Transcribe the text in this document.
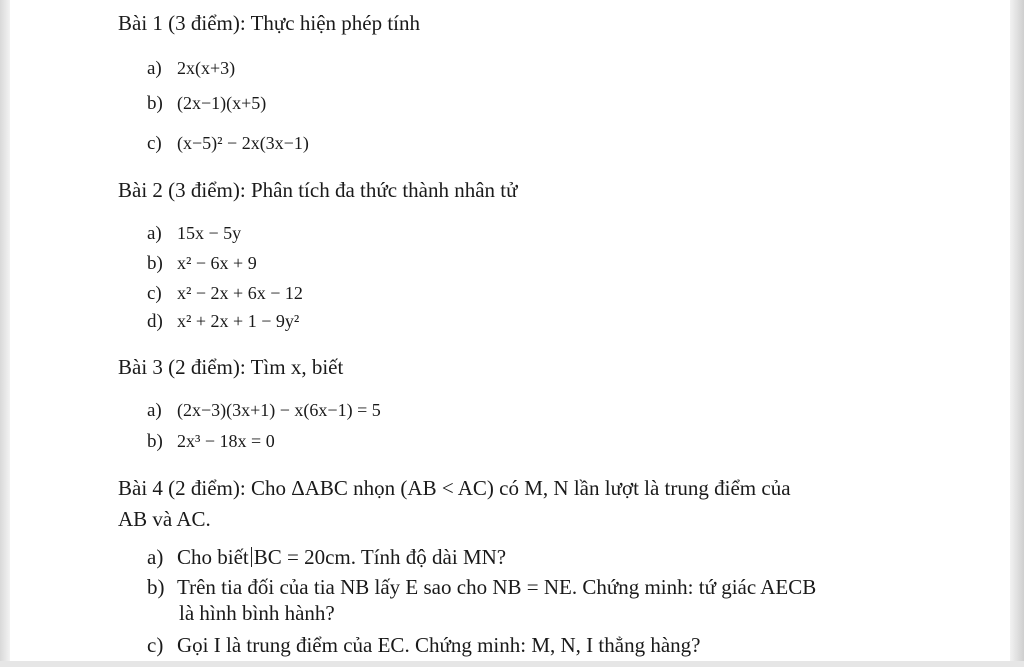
Bài 1 (3 điểm): Thực hiện phép tính

a) 2x(x+3)

b) (2x−1)(x+5)

c) (x−5)² − 2x(3x−1)

Bài 2 (3 điểm): Phân tích đa thức thành nhân tử

a) 15x − 5y

b) x² − 6x + 9

c) x² − 2x + 6x − 12

d) x² + 2x + 1 − 9y²

Bài 3 (2 điểm): Tìm x, biết

a) (2x−3)(3x+1) − x(6x−1) = 5

b) 2x³ − 18x = 0

Bài 4 (2 điểm): Cho ΔABC nhọn (AB < AC) có M, N lần lượt là trung điểm của

AB và AC.

a) Cho biết BC = 20cm. Tính độ dài MN?

b) Trên tia đối của tia NB lấy E sao cho NB = NE. Chứng minh: tứ giác AECB

là hình bình hành?

c) Gọi I là trung điểm của EC. Chứng minh: M, N, I thẳng hàng?
